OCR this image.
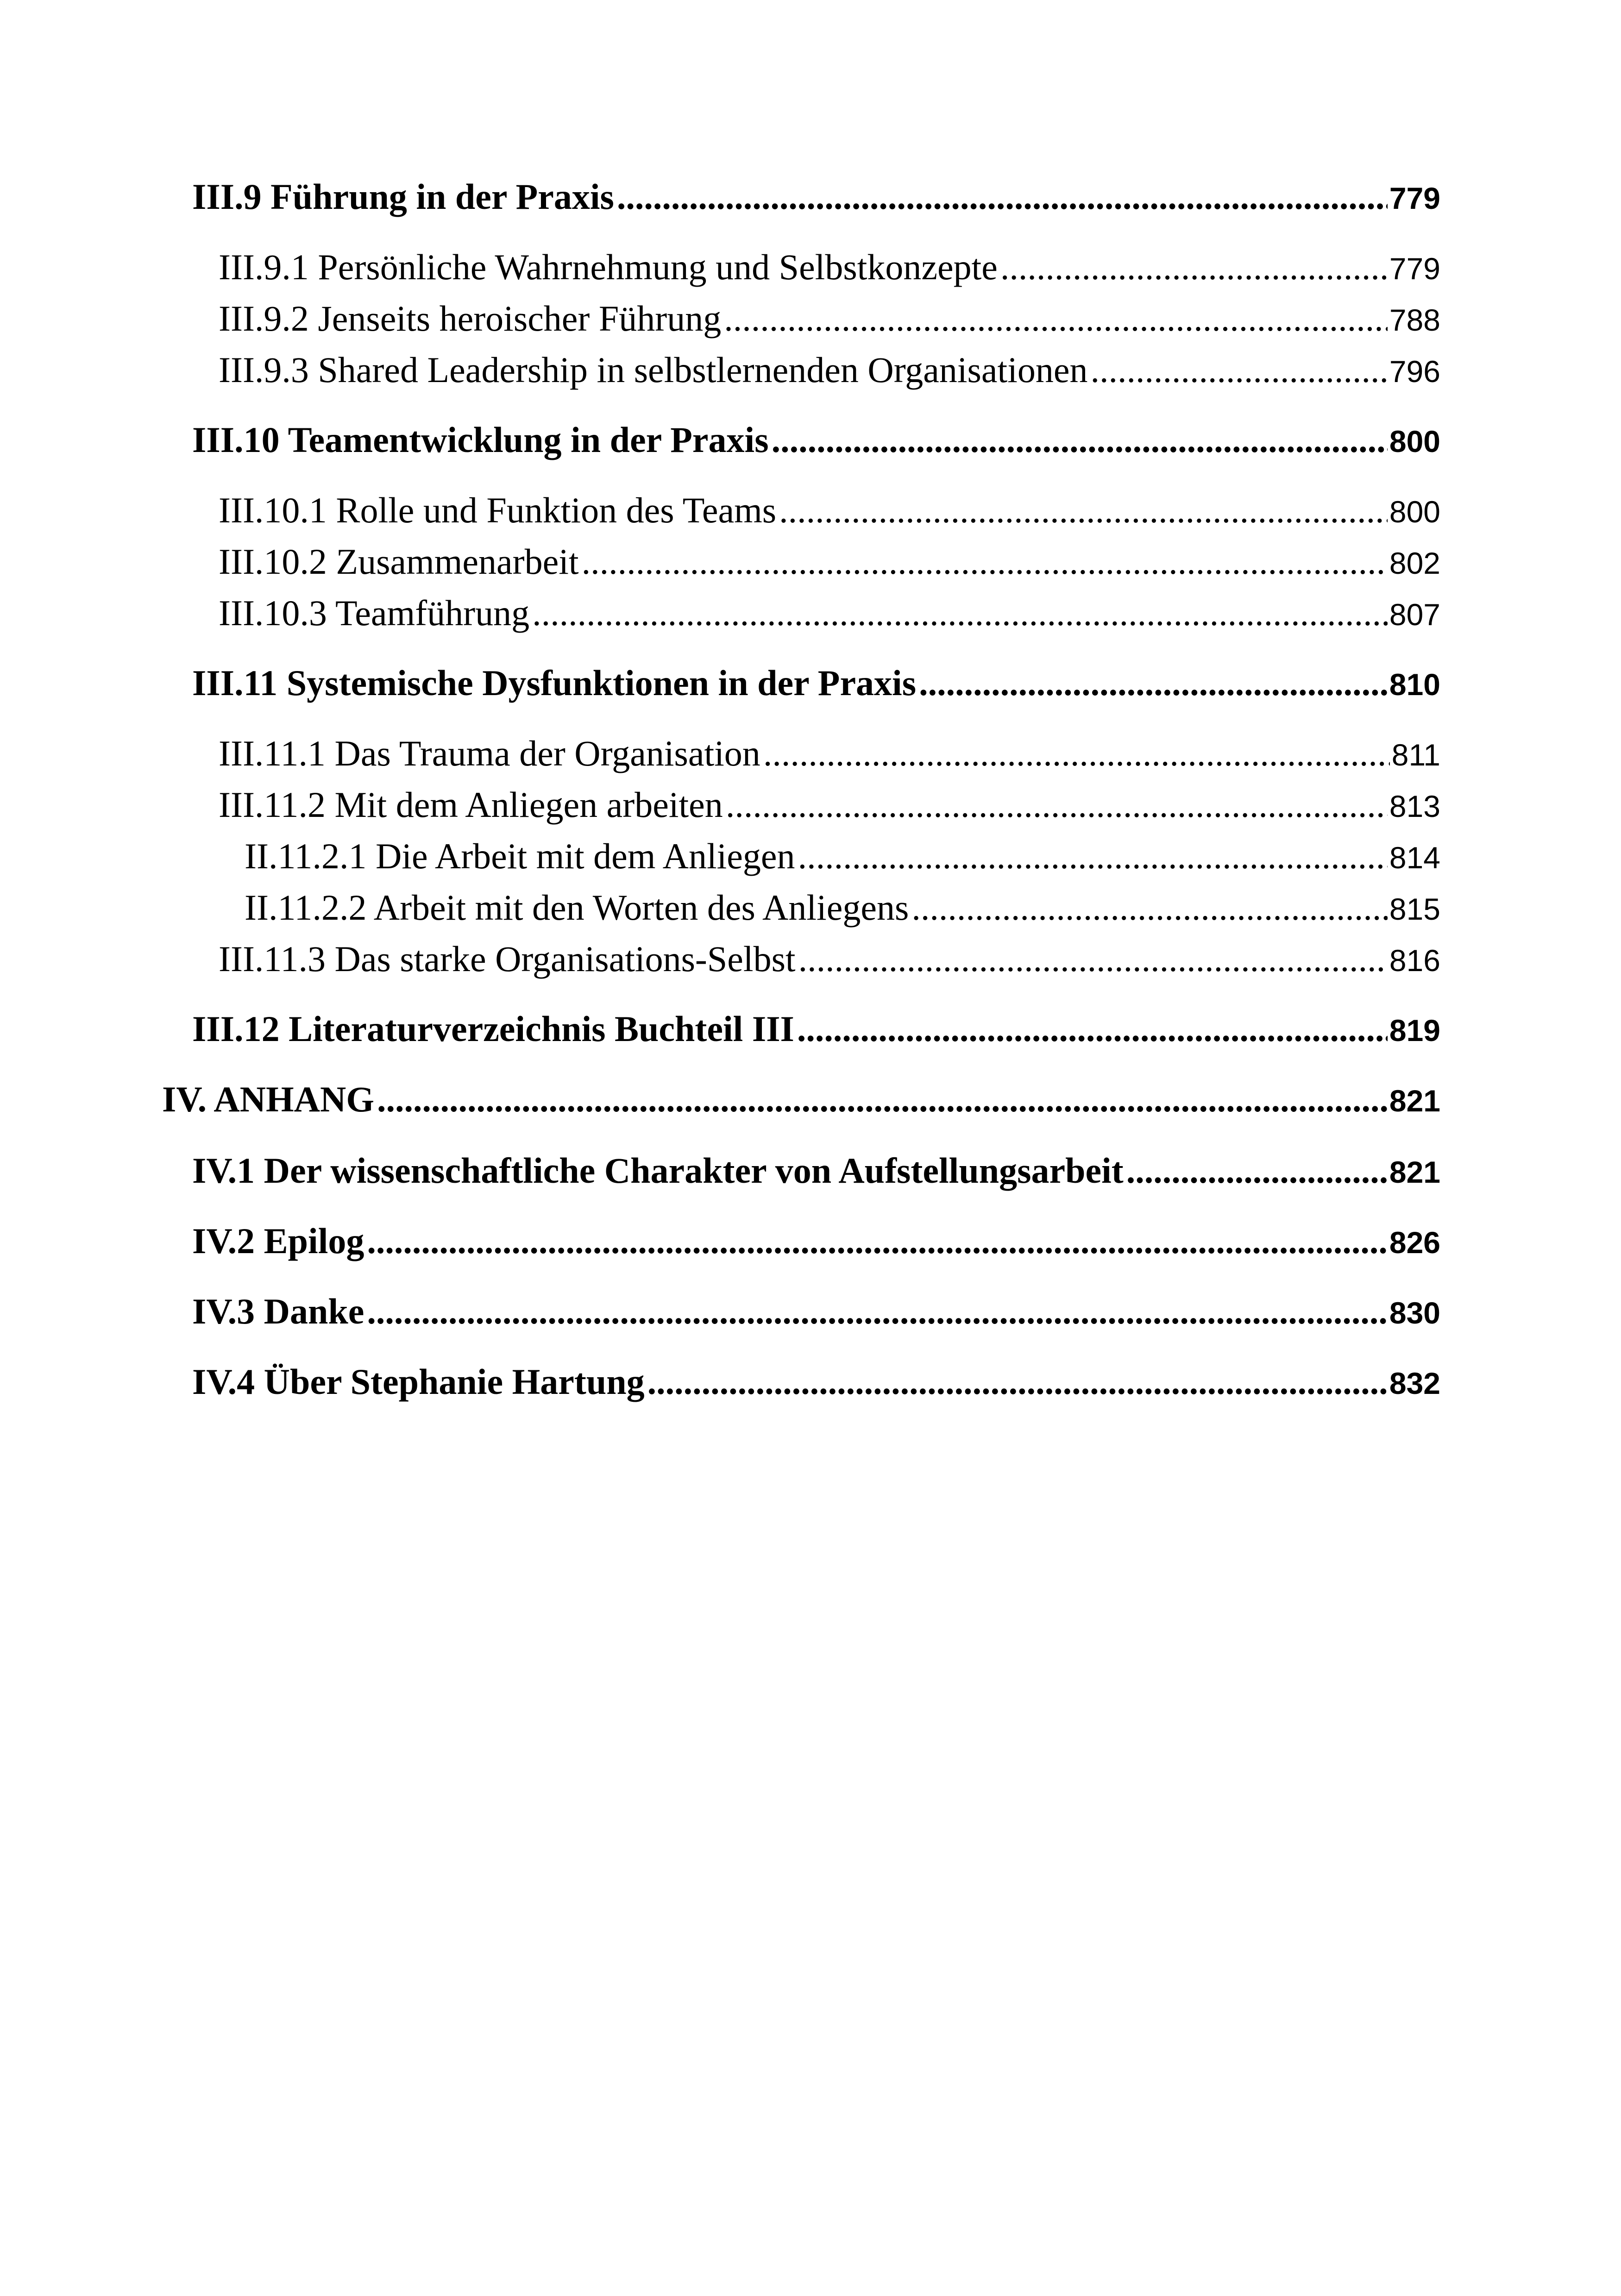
III.9 Führung in der Praxis .....	779
III.9.1 Persönliche Wahrnehmung und Selbstkonzepte .....	779
III.9.2 Jenseits heroischer Führung .....	788
III.9.3 Shared Leadership in selbstlernenden Organisationen .....	796
III.10 Teamentwicklung in der Praxis .....	800
III.10.1 Rolle und Funktion des Teams .....	800
III.10.2 Zusammenarbeit .....	802
III.10.3 Teamführung .....	807
III.11 Systemische Dysfunktionen in der Praxis .....	810
III.11.1 Das Trauma der Organisation .....	811
III.11.2 Mit dem Anliegen arbeiten .....	813
II.11.2.1 Die Arbeit mit dem Anliegen .....	814
II.11.2.2 Arbeit mit den Worten des Anliegens .....	815
III.11.3 Das starke Organisations-Selbst .....	816
III.12 Literaturverzeichnis Buchteil III .....	819
IV. ANHANG .....	821
IV.1 Der wissenschaftliche Charakter von Aufstellungsarbeit .....	821
IV.2 Epilog .....	826
IV.3 Danke .....	830
IV.4 Über Stephanie Hartung .....	832
